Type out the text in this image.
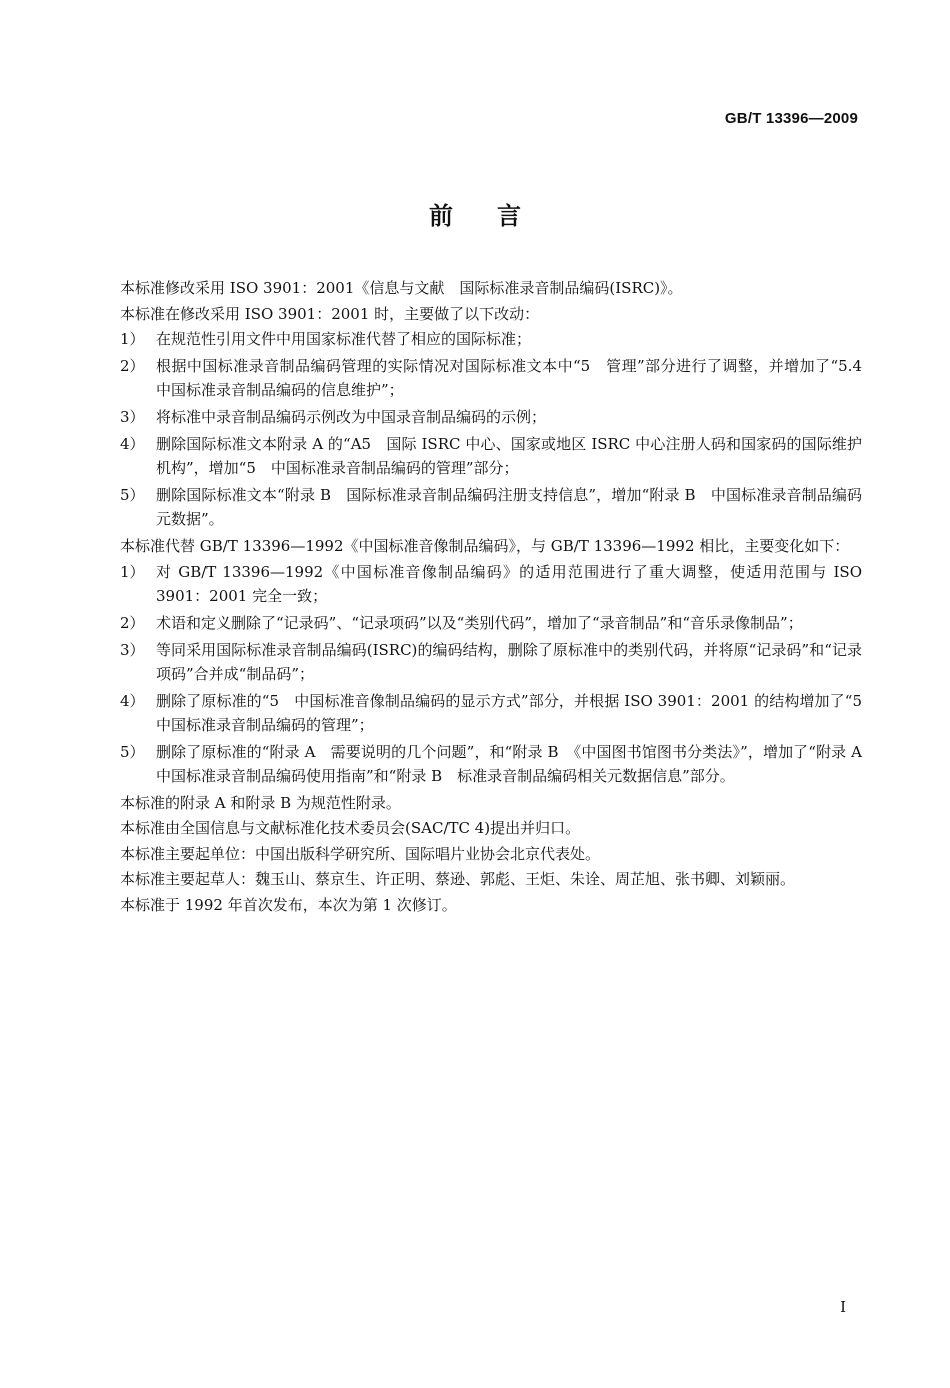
GB/T 13396—2009
前言
本标准修改采用 ISO 3901：2001《信息与文献　国际标准录音制品编码(ISRC)》。
本标准在修改采用 ISO 3901：2001 时，主要做了以下改动：
1） 在规范性引用文件中用国家标准代替了相应的国际标准；
2） 根据中国标准录音制品编码管理的实际情况对国际标准文本中“5　管理”部分进行了调整，并增加了“5.4　中国标准录音制品编码的信息维护”；
3） 将标准中录音制品编码示例改为中国录音制品编码的示例；
4） 删除国际标准文本附录 A 的“A5　国际 ISRC 中心、国家或地区 ISRC 中心注册人码和国家码的国际维护机构”，增加“5　中国标准录音制品编码的管理”部分；
5） 删除国际标准文本“附录 B　国际标准录音制品编码注册支持信息”，增加“附录 B　中国标准录音制品编码元数据”。
本标准代替 GB/T 13396—1992《中国标准音像制品编码》，与 GB/T 13396—1992 相比，主要变化如下：
1） 对 GB/T 13396—1992《中国标准音像制品编码》的适用范围进行了重大调整，使适用范围与 ISO 3901：2001 完全一致；
2） 术语和定义删除了“记录码”、“记录项码”以及“类别代码”，增加了“录音制品”和“音乐录像制品”；
3） 等同采用国际标准录音制品编码(ISRC)的编码结构，删除了原标准中的类别代码，并将原“记录码”和“记录项码”合并成“制品码”；
4） 删除了原标准的“5　中国标准音像制品编码的显示方式”部分，并根据 ISO 3901：2001 的结构增加了“5　中国标准录音制品编码的管理”；
5） 删除了原标准的“附录 A　需要说明的几个问题”，和“附录 B　《中国图书馆图书分类法》”，增加了“附录 A　中国标准录音制品编码使用指南”和“附录 B　标准录音制品编码相关元数据信息”部分。
本标准的附录 A 和附录 B 为规范性附录。
本标准由全国信息与文献标准化技术委员会(SAC/TC 4)提出并归口。
本标准主要起单位：中国出版科学研究所、国际唱片业协会北京代表处。
本标准主要起草人：魏玉山、蔡京生、许正明、蔡逊、郭彪、王炬、朱诠、周芷旭、张书卿、刘颖丽。
本标准于 1992 年首次发布，本次为第 1 次修订。
I
